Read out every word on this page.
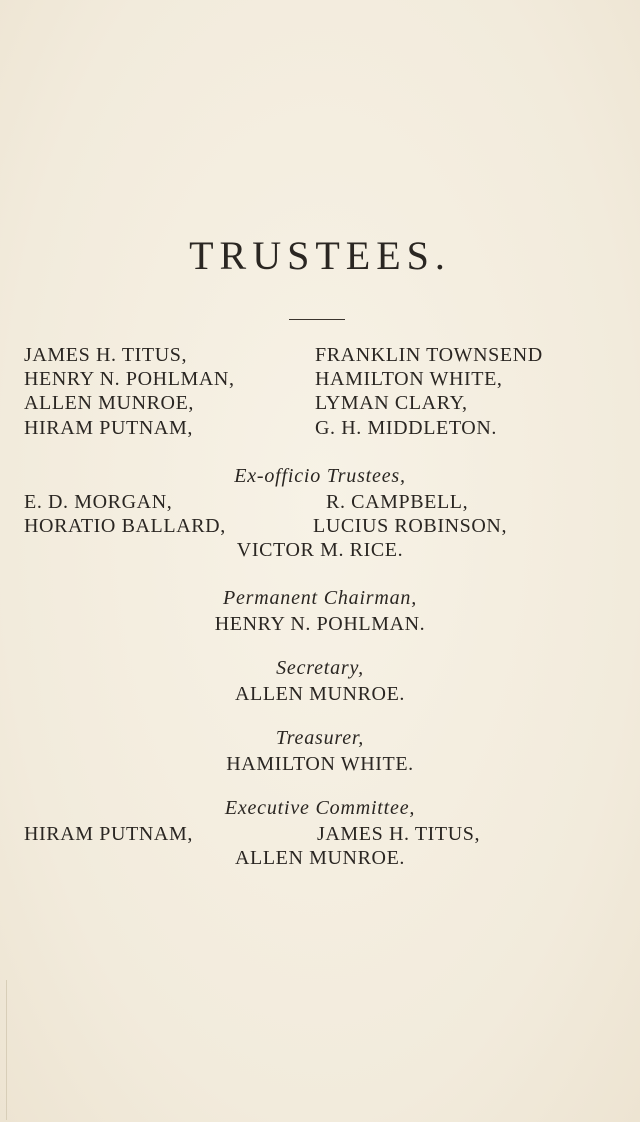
TRUSTEES.
JAMES H. TITUS,
HENRY N. POHLMAN,
ALLEN MUNROE,
HIRAM PUTNAM,
FRANKLIN TOWNSEND
HAMILTON WHITE,
LYMAN CLARY,
G. H. MIDDLETON.
Ex-officio Trustees,
E. D. MORGAN,
HORATIO BALLARD,
R. CAMPBELL,
LUCIUS ROBINSON,
VICTOR M. RICE.
Permanent Chairman,
HENRY N. POHLMAN.
Secretary,
ALLEN MUNROE.
Treasurer,
HAMILTON WHITE.
Executive Committee,
HIRAM PUTNAM,	JAMES H. TITUS,
ALLEN MUNROE.
